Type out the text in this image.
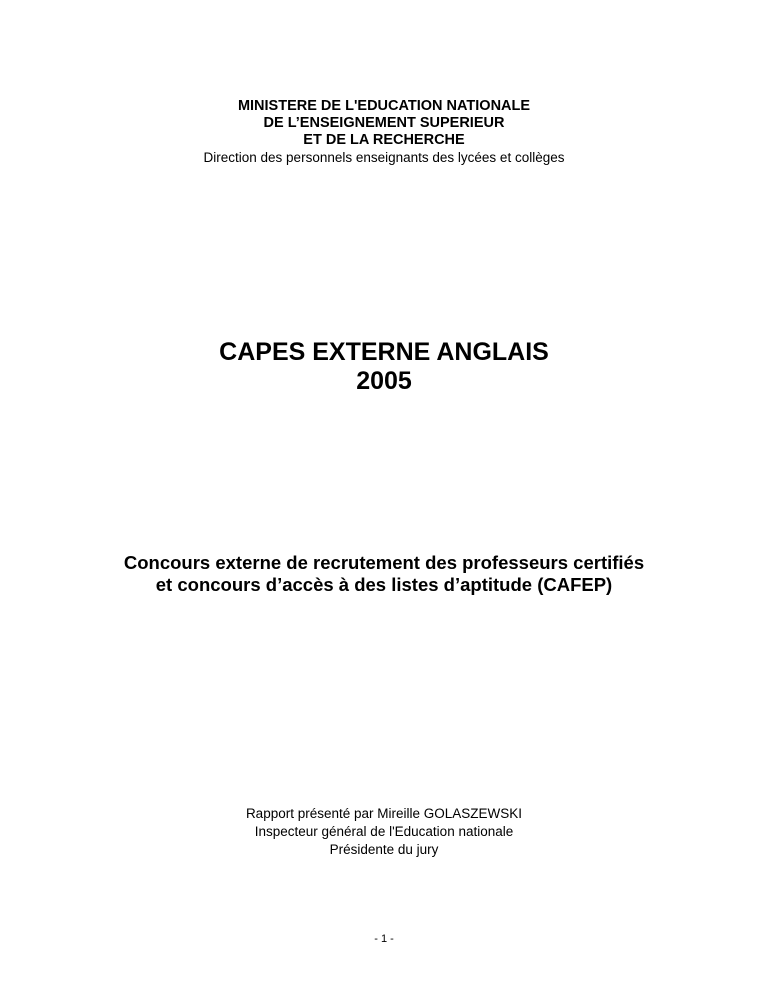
MINISTERE DE L'EDUCATION NATIONALE
DE L’ENSEIGNEMENT SUPERIEUR
ET DE LA RECHERCHE
Direction des personnels enseignants des lycées et collèges
CAPES EXTERNE ANGLAIS
2005
Concours externe de recrutement des professeurs certifiés
et concours d’accès à des listes d’aptitude (CAFEP)
Rapport présenté par Mireille GOLASZEWSKI
Inspecteur général de l'Education nationale
Présidente du jury
- 1 -
